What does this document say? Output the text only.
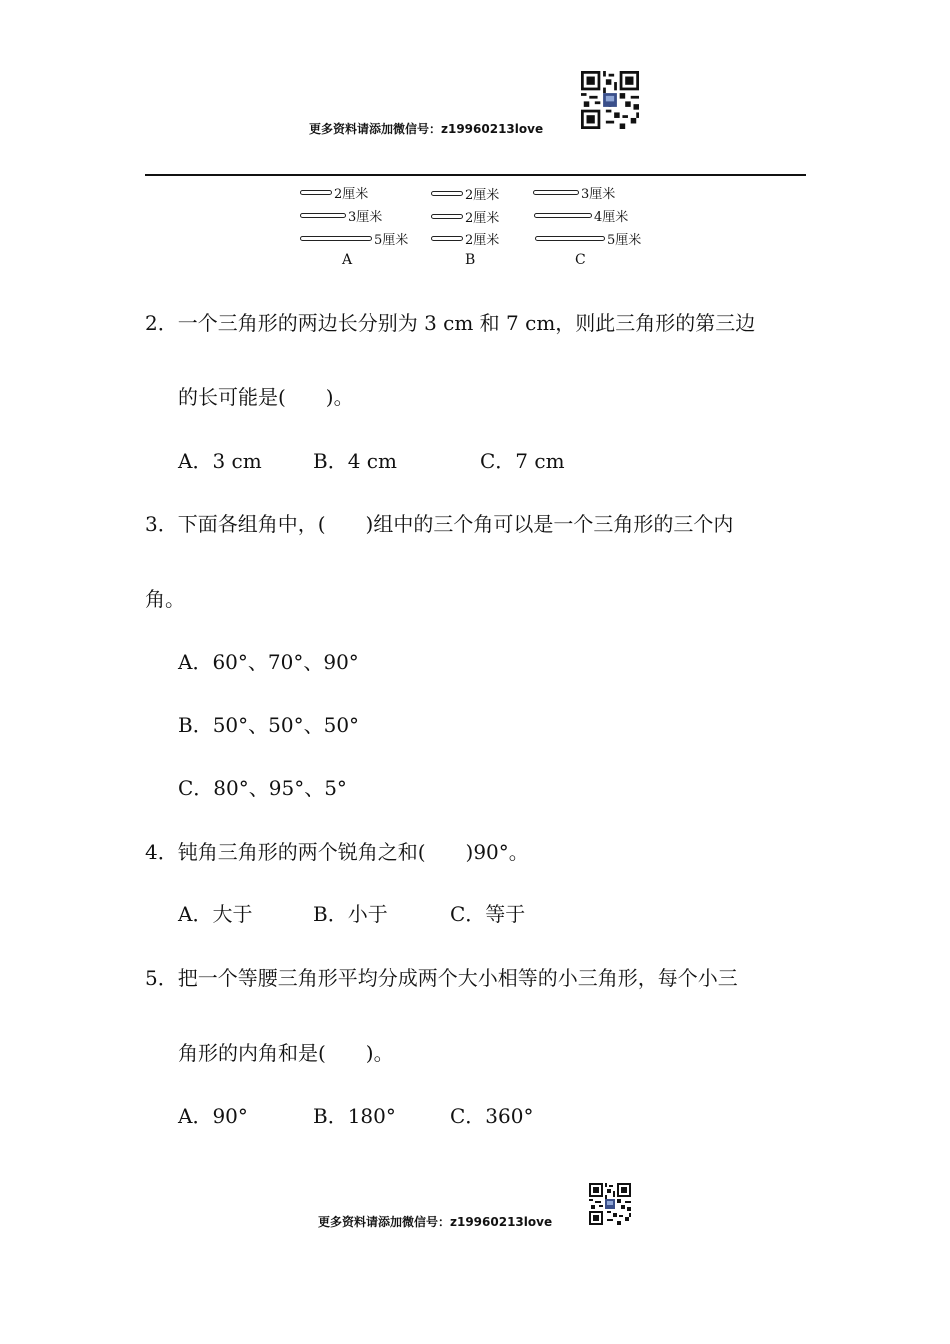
更多资料请添加微信号：z19960213love
2厘米
3厘米
5厘米
A
2厘米
2厘米
2厘米
B
3厘米
4厘米
5厘米
C
2．一个三角形的两边长分别为 3 cm 和 7 cm，则此三角形的第三边
的长可能是(　　)。
A．3 cm	B．4 cm	C．7 cm
3．下面各组角中，(　　)组中的三个角可以是一个三角形的三个内
角。
A．60°、70°、90°
B．50°、50°、50°
C．80°、95°、5°
4．钝角三角形的两个锐角之和(　　)90°。
A．大于	B．小于	C．等于
5．把一个等腰三角形平均分成两个大小相等的小三角形，每个小三
角形的内角和是(　　)。
A．90°	B．180°	C．360°
更多资料请添加微信号：z19960213love
